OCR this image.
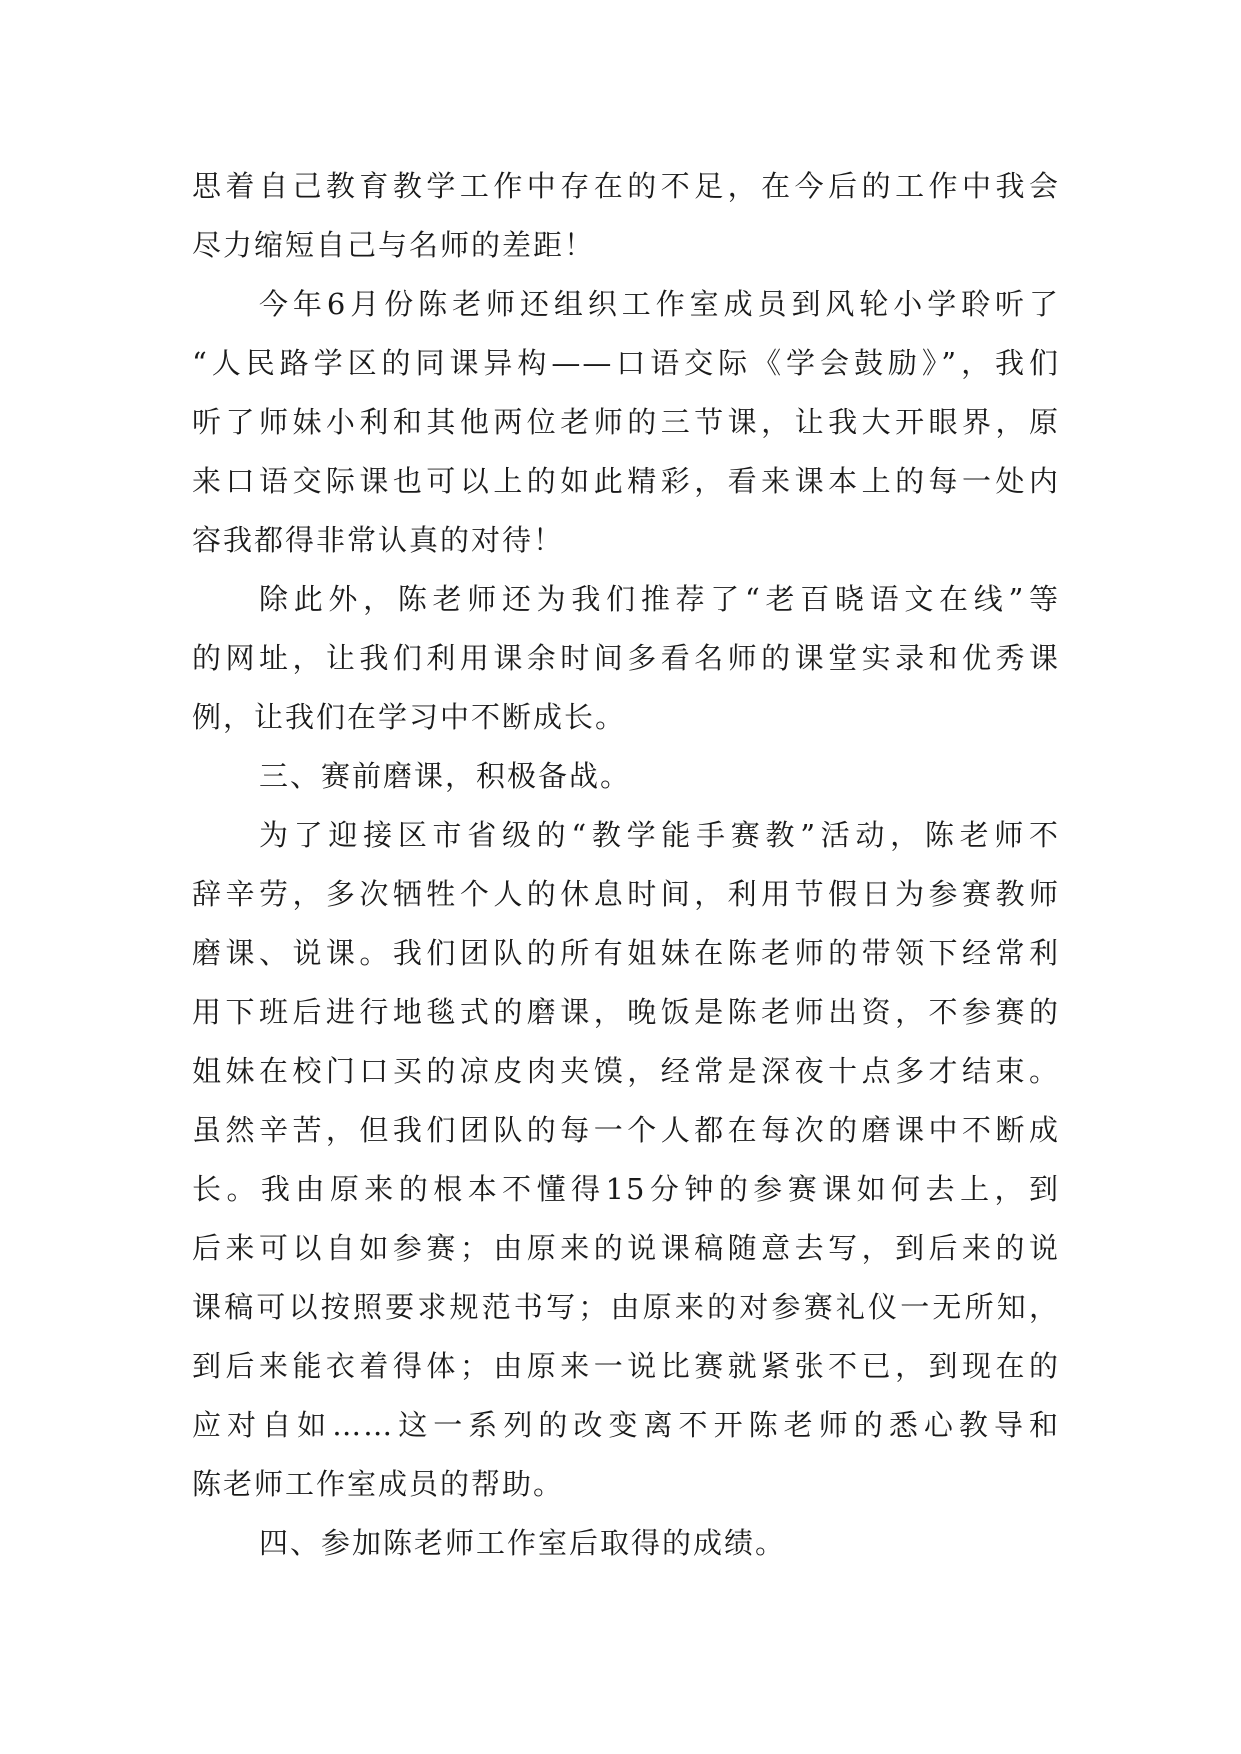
思着自己教育教学工作中存在的不足，在今后的工作中我会
尽力缩短自己与名师的差距！
今年6月份陈老师还组织工作室成员到风轮小学聆听了
“人民路学区的同课异构——口语交际《学会鼓励》”，我们
听了师妹小利和其他两位老师的三节课，让我大开眼界，原
来口语交际课也可以上的如此精彩，看来课本上的每一处内
容我都得非常认真的对待！
除此外，陈老师还为我们推荐了“老百晓语文在线”等
的网址，让我们利用课余时间多看名师的课堂实录和优秀课
例，让我们在学习中不断成长。
三、赛前磨课，积极备战。
为了迎接区市省级的“教学能手赛教”活动，陈老师不
辞辛劳，多次牺牲个人的休息时间，利用节假日为参赛教师
磨课、说课。我们团队的所有姐妹在陈老师的带领下经常利
用下班后进行地毯式的磨课，晚饭是陈老师出资，不参赛的
姐妹在校门口买的凉皮肉夹馍，经常是深夜十点多才结束。
虽然辛苦，但我们团队的每一个人都在每次的磨课中不断成
长。我由原来的根本不懂得15分钟的参赛课如何去上，到
后来可以自如参赛；由原来的说课稿随意去写，到后来的说
课稿可以按照要求规范书写；由原来的对参赛礼仪一无所知，
到后来能衣着得体；由原来一说比赛就紧张不已，到现在的
应对自如……这一系列的改变离不开陈老师的悉心教导和
陈老师工作室成员的帮助。
四、参加陈老师工作室后取得的成绩。
